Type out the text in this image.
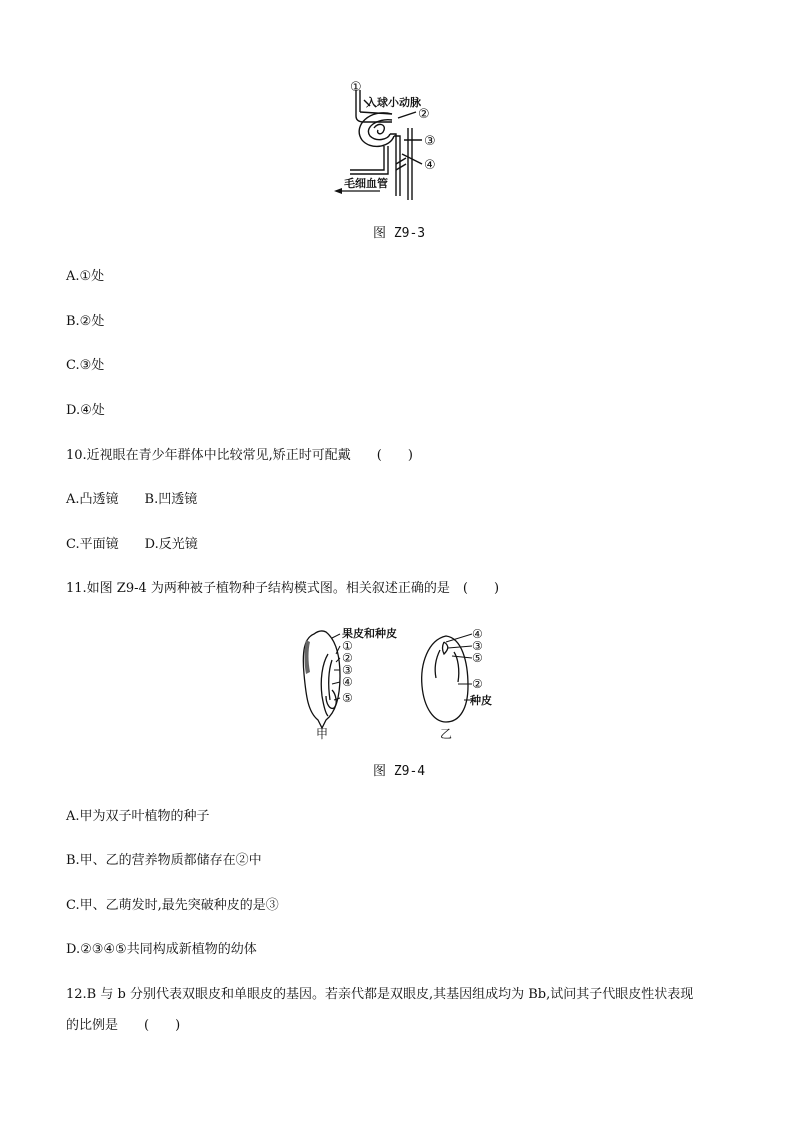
①
入球小动脉
②
③
④
毛细血管
图 Z9-3
A.①处
B.②处
C.③处
D.④处
10.近视眼在青少年群体中比较常见,矫正时可配戴　　(　　)
A.凸透镜　　B.凹透镜
C.平面镜　　D.反光镜
11.如图 Z9-4 为两种被子植物种子结构模式图。相关叙述正确的是　(　　)
果皮和种皮
①
②
③
④
⑤
甲
④
③
⑤
②
种皮
乙
图 Z9-4
A.甲为双子叶植物的种子
B.甲、乙的营养物质都储存在②中
C.甲、乙萌发时,最先突破种皮的是③
D.②③④⑤共同构成新植物的幼体
12.B 与 b 分别代表双眼皮和单眼皮的基因。若亲代都是双眼皮,其基因组成均为 Bb,试问其子代眼皮性状表现
的比例是　　(　　)
